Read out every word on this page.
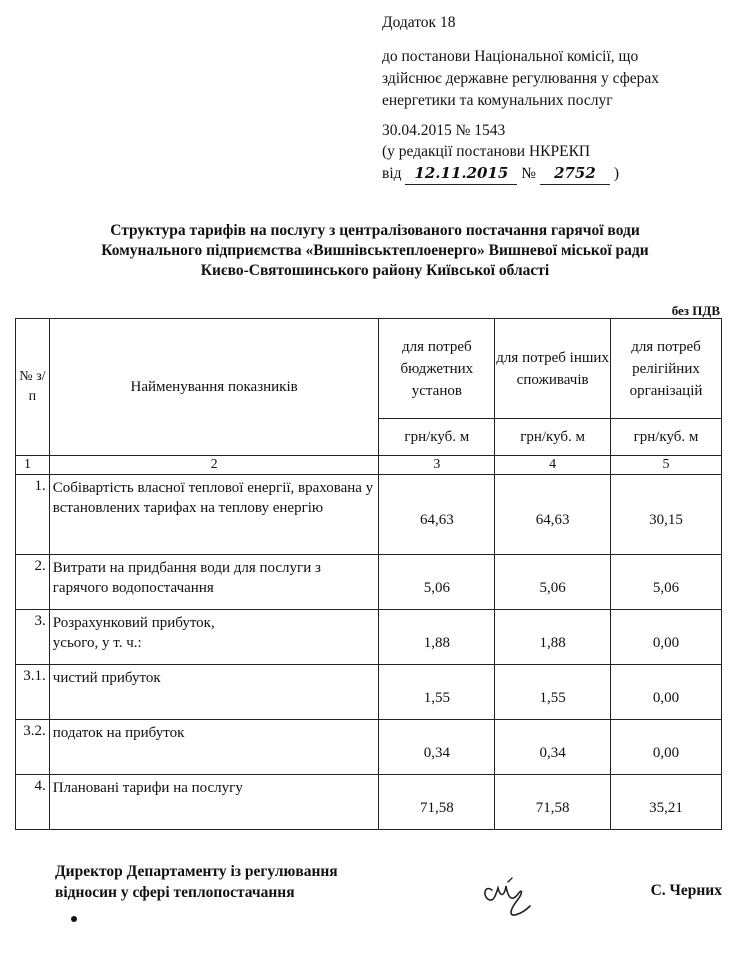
Додаток 18
до постанови Національної комісії, що
здійснює державне регулювання у сферах
енергетики та комунальних послуг
30.04.2015 № 1543
(у редакції постанови НКРЕКП
від 12.11.2015 № 2752 )
Структура тарифів на послугу з централізованого постачання гарячої води
Комунального підприємства «Вишнівськтеплоенерго» Вишневої міської ради
Києво-Святошинського району Київської області
без ПДВ
№ з/п	Найменування показників	для потреб бюджетних установ	для потреб інших споживачів	для потреб релігійних організацій
		грн/куб. м	грн/куб. м	грн/куб. м
1	2	3	4	5
1.	Собівартість власної теплової енергії, врахована у встановлених тарифах на теплову енергію	64,63	64,63	30,15
2.	Витрати на придбання води для послуги з гарячого водопостачання	5,06	5,06	5,06
3.	Розрахунковий прибуток, усього, у т. ч.:	1,88	1,88	0,00
3.1.	чистий прибуток	1,55	1,55	0,00
3.2.	податок на прибуток	0,34	0,34	0,00
4.	Плановані тарифи на послугу	71,58	71,58	35,21
Директор Департаменту із регулювання
відносин у сфері теплопостачання	С. Черних
